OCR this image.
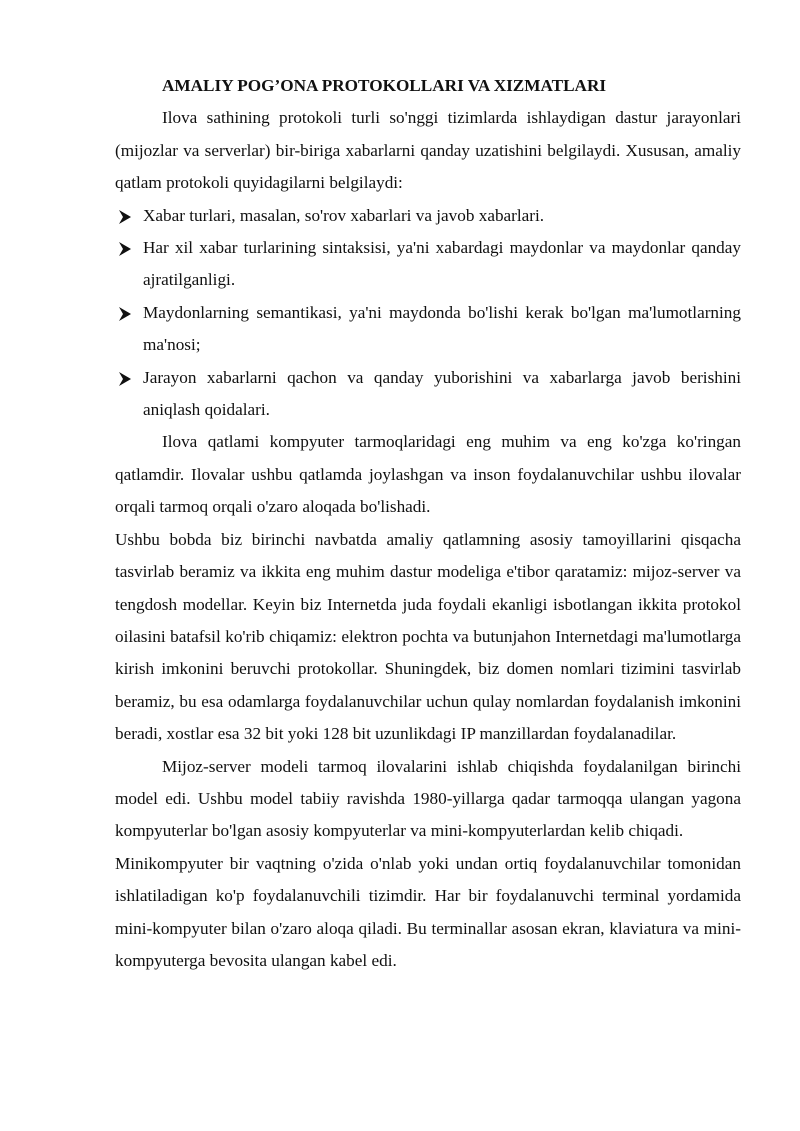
AMALIY POG’ONA PROTOKOLLARI VA XIZMATLARI

Ilova sathining protokoli turli so'nggi tizimlarda ishlaydigan dastur jarayonlari (mijozlar va serverlar) bir-biriga xabarlarni qanday uzatishini belgilaydi. Xususan, amaliy qatlam protokoli quyidagilarni belgilaydi:

Xabar turlari, masalan, so'rov xabarlari va javob xabarlari.
Har xil xabar turlarining sintaksisi, ya'ni xabardagi maydonlar va maydonlar qanday ajratilganligi.
Maydonlarning semantikasi, ya'ni maydonda bo'lishi kerak bo'lgan ma'lumotlarning ma'nosi;
Jarayon xabarlarni qachon va qanday yuborishini va xabarlarga javob berishini aniqlash qoidalari.

Ilova qatlami kompyuter tarmoqlaridagi eng muhim va eng ko'zga ko'ringan qatlamdir. Ilovalar ushbu qatlamda joylashgan va inson foydalanuvchilar ushbu ilovalar orqali tarmoq orqali o'zaro aloqada bo'lishadi.

Ushbu bobda biz birinchi navbatda amaliy qatlamning asosiy tamoyillarini qisqacha tasvirlab beramiz va ikkita eng muhim dastur modeliga e'tibor qaratamiz: mijoz-server va tengdosh modellar. Keyin biz Internetda juda foydali ekanligi isbotlangan ikkita protokol oilasini batafsil ko'rib chiqamiz: elektron pochta va butunjahon Internetdagi ma'lumotlarga kirish imkonini beruvchi protokollar. Shuningdek, biz domen nomlari tizimini tasvirlab beramiz, bu esa odamlarga foydalanuvchilar uchun qulay nomlardan foydalanish imkonini beradi, xostlar esa 32 bit yoki 128 bit uzunlikdagi IP manzillardan foydalanadilar.

Mijoz-server modeli tarmoq ilovalarini ishlab chiqishda foydalanilgan birinchi model edi. Ushbu model tabiiy ravishda 1980-yillarga qadar tarmoqqa ulangan yagona kompyuterlar bo'lgan asosiy kompyuterlar va mini-kompyuterlardan kelib chiqadi.

Minikompyuter bir vaqtning o'zida o'nlab yoki undan ortiq foydalanuvchilar tomonidan ishlatiladigan ko'p foydalanuvchili tizimdir. Har bir foydalanuvchi terminal yordamida mini-kompyuter bilan o'zaro aloqa qiladi. Bu terminallar asosan ekran, klaviatura va mini-kompyuterga bevosita ulangan kabel edi.
